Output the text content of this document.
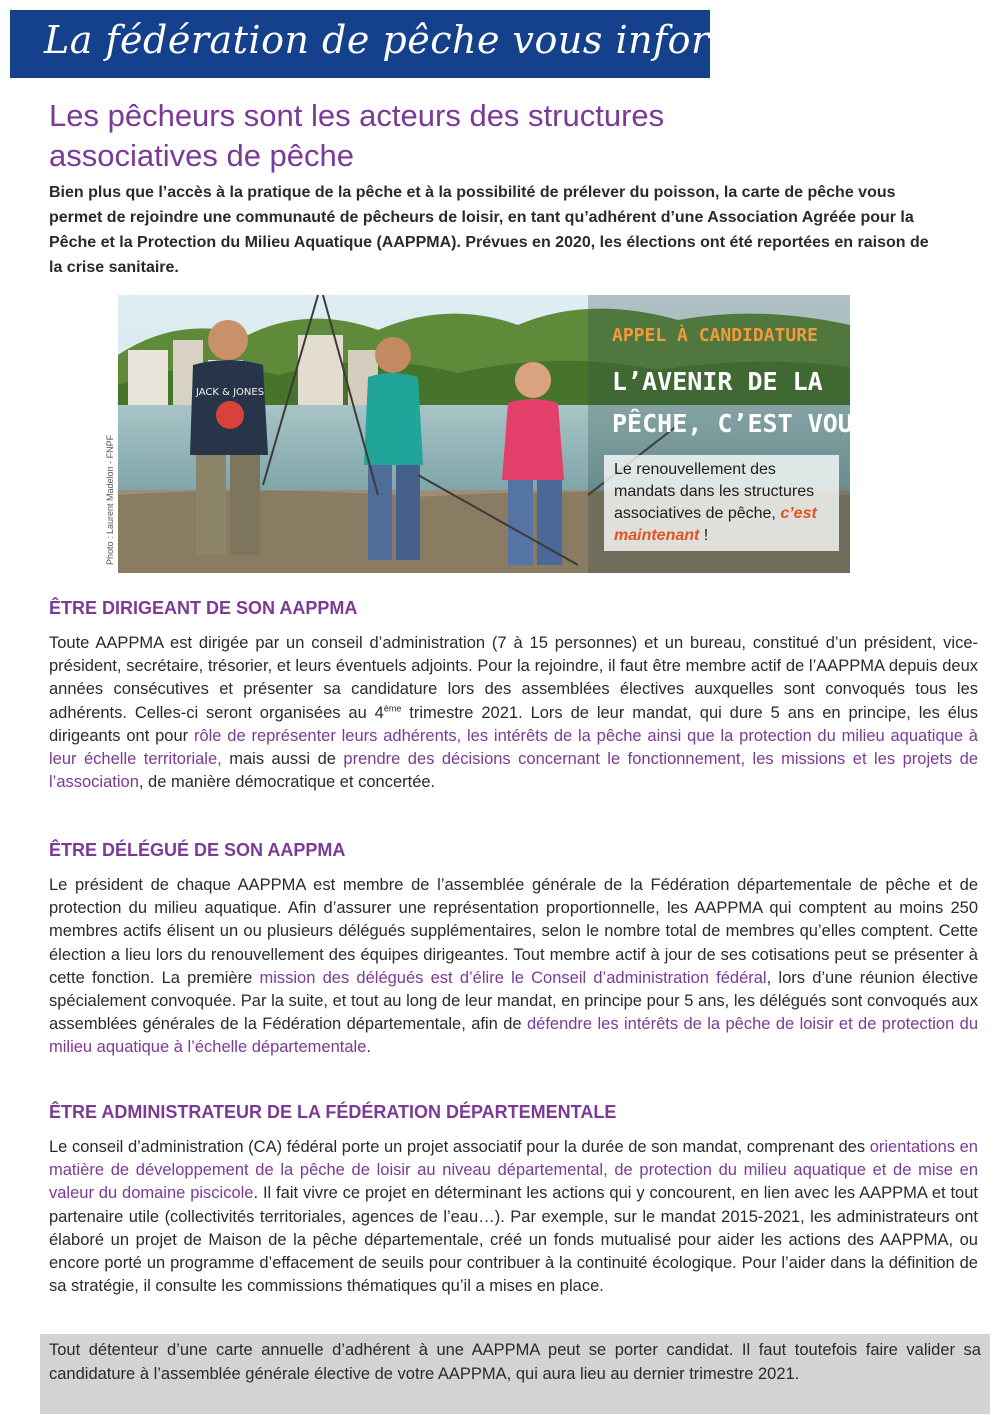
La fédération de pêche vous informe
Les pêcheurs sont les acteurs des structures
associatives de pêche

Bien plus que l’accès à la pratique de la pêche et à la possibilité de prélever du poisson, la carte de pêche vous permet de rejoindre une communauté de pêcheurs de loisir, en tant qu’adhérent d’une Association Agréée pour la Pêche et la Protection du Milieu Aquatique (AAPPMA). Prévues en 2020, les élections ont été reportées en raison de la crise sanitaire.

JACK & JONES
APPEL À CANDIDATURE
L’AVENIR DE LA
PÊCHE, C’EST VOUS !
Le renouvellement des mandats dans les structures associatives de pêche, c’est maintenant !
Photo : Laurent Madelon - FNPF
ÊTRE DIRIGEANT DE SON AAPPMA

Toute AAPPMA est dirigée par un conseil d’administration (7 à 15 personnes) et un bureau, constitué d’un président, vice-président, secrétaire, trésorier, et leurs éventuels adjoints. Pour la rejoindre, il faut être membre actif de l’AAPPMA depuis deux années consécutives et présenter sa candidature lors des assemblées électives auxquelles sont convoqués tous les adhérents. Celles-ci seront organisées au 4ème trimestre 2021. Lors de leur mandat, qui dure 5 ans en principe, les élus dirigeants ont pour rôle de représenter leurs adhérents, les intérêts de la pêche ainsi que la protection du milieu aquatique à leur échelle territoriale, mais aussi de prendre des décisions concernant le fonctionnement, les missions et les projets de l’association, de manière démocratique et concertée.

ÊTRE DÉLÉGUÉ DE SON AAPPMA

Le président de chaque AAPPMA est membre de l’assemblée générale de la Fédération départementale de pêche et de protection du milieu aquatique. Afin d’assurer une représentation proportionnelle, les AAPPMA qui comptent au moins 250 membres actifs élisent un ou plusieurs délégués supplémentaires, selon le nombre total de membres qu’elles comptent. Cette élection a lieu lors du renouvellement des équipes dirigeantes. Tout membre actif à jour de ses cotisations peut se présenter à cette fonction. La première mission des délégués est d’élire le Conseil d’administration fédéral, lors d’une réunion élective spécialement convoquée. Par la suite, et tout au long de leur mandat, en principe pour 5 ans, les délégués sont convoqués aux assemblées générales de la Fédération départementale, afin de défendre les intérêts de la pêche de loisir et de protection du milieu aquatique à l’échelle départementale.

ÊTRE ADMINISTRATEUR DE LA FÉDÉRATION DÉPARTEMENTALE

Le conseil d’administration (CA) fédéral porte un projet associatif pour la durée de son mandat, comprenant des orientations en matière de développement de la pêche de loisir au niveau départemental, de protection du milieu aquatique et de mise en valeur du domaine piscicole. Il fait vivre ce projet en déterminant les actions qui y concourent, en lien avec les AAPPMA et tout partenaire utile (collectivités territoriales, agences de l’eau…). Par exemple, sur le mandat 2015-2021, les administrateurs ont élaboré un projet de Maison de la pêche départementale, créé un fonds mutualisé pour aider les actions des AAPPMA, ou encore porté un programme d’effacement de seuils pour contribuer à la continuité écologique. Pour l’aider dans la définition de sa stratégie, il consulte les commissions thématiques qu’il a mises en place.

Tout détenteur d’une carte annuelle d’adhérent à une AAPPMA peut se porter candidat. Il faut toutefois faire valider sa candidature à l’assemblée générale élective de votre AAPPMA, qui aura lieu au dernier trimestre 2021.
